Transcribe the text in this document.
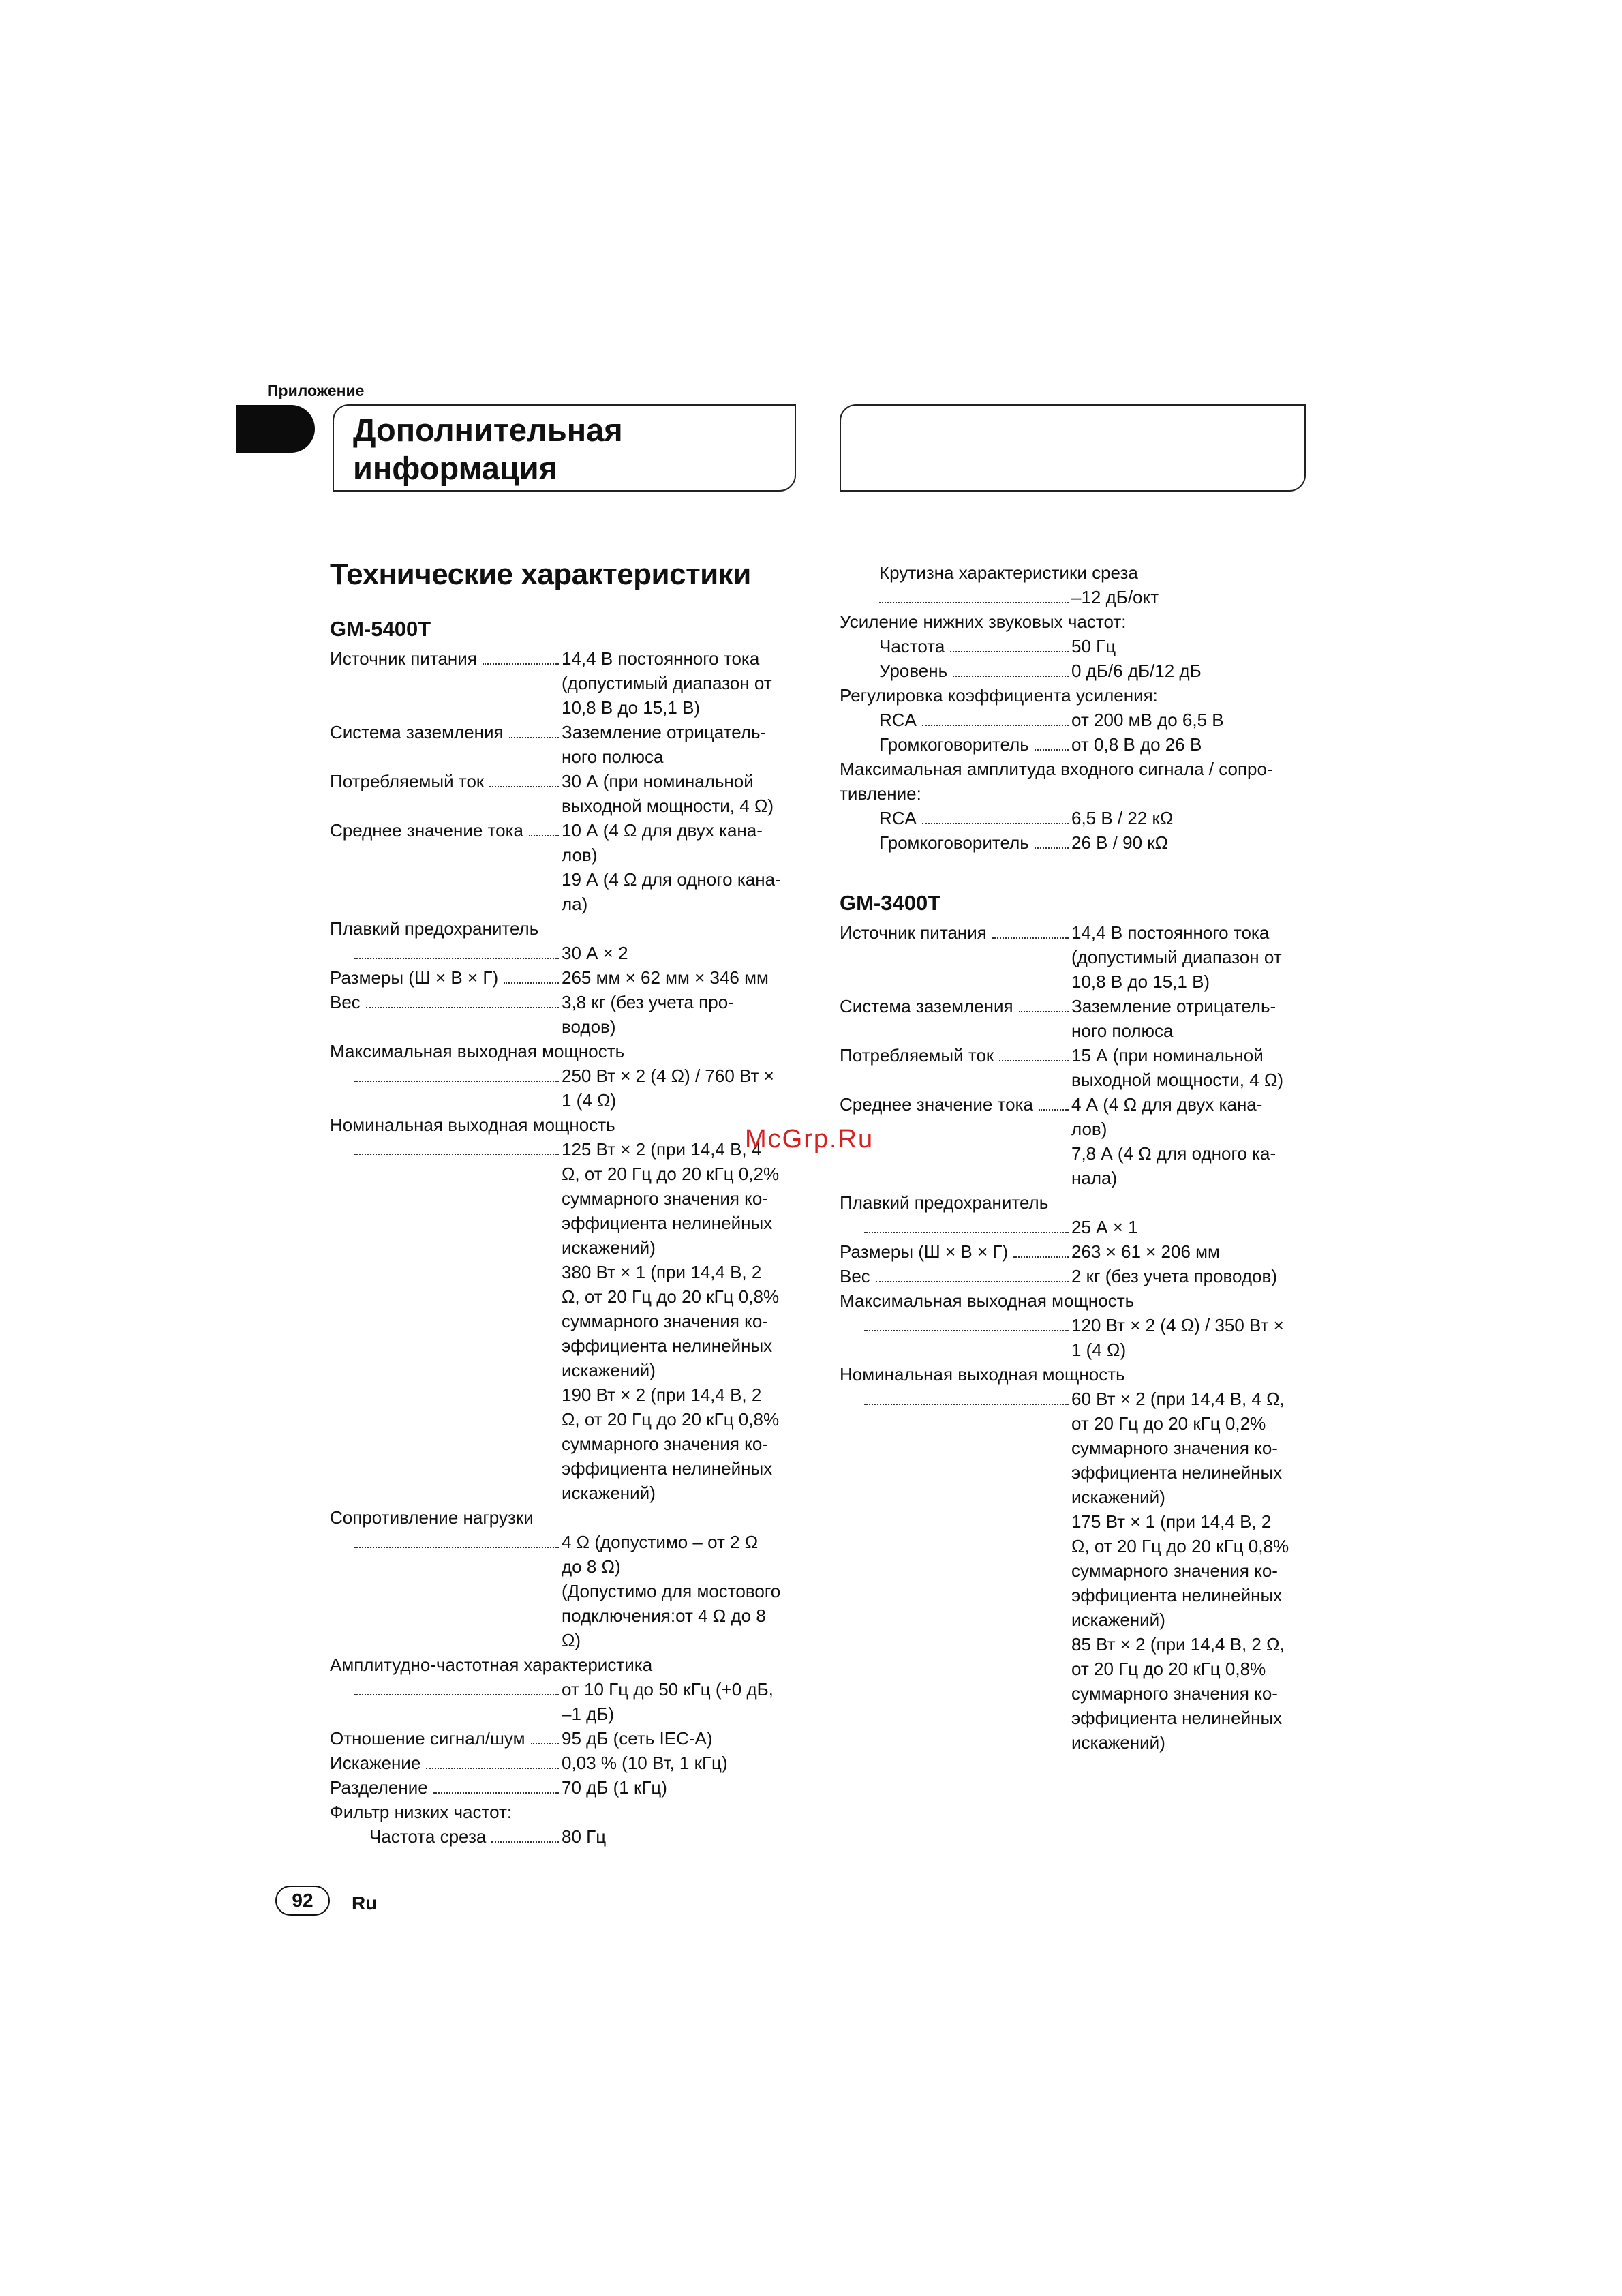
Приложение
Дополнительная
информация
Технические характеристики
GM-5400T
Источник питания	14,4 В постоянного тока
(допустимый диапазон от
10,8 В до 15,1 В)
Система заземления	Заземление отрицатель-
ного полюса
Потребляемый ток	30 А (при номинальной
выходной мощности, 4 Ω)
Среднее значение тока 10 А (4 Ω для двух кана-
лов)
19 А (4 Ω для одного кана-
ла)
Плавкий предохранитель
30 А × 2
Размеры (Ш × В × Г)	265 мм × 62 мм × 346 мм
Вес	3,8 кг (без учета про-
водов)
Максимальная выходная мощность
250 Вт × 2 (4 Ω) / 760 Вт ×
1 (4 Ω)
Номинальная выходная мощность
125 Вт × 2 (при 14,4 В, 4
Ω, от 20 Гц до 20 кГц 0,2%
суммарного значения ко-
эффициента нелинейных
искажений)
380 Вт × 1 (при 14,4 В, 2
Ω, от 20 Гц до 20 кГц 0,8%
суммарного значения ко-
эффициента нелинейных
искажений)
190 Вт × 2 (при 14,4 В, 2
Ω, от 20 Гц до 20 кГц 0,8%
суммарного значения ко-
эффициента нелинейных
искажений)
Сопротивление нагрузки
4 Ω (допустимо – от 2 Ω
до 8 Ω)
(Допустимо для мостового
подключения:от 4 Ω до 8
Ω)
Амплитудно-частотная характеристика
от 10 Гц до 50 кГц (+0 дБ,
–1 дБ)
Отношение сигнал/шум 95 дБ (сеть IEC-A)
Искажение	0,03 % (10 Вт, 1 кГц)
Разделение	70 дБ (1 кГц)
Фильтр низких частот:
Частота среза	80 Гц
Крутизна характеристики среза
–12 дБ/окт
Усиление нижних звуковых частот:
Частота	50 Гц
Уровень	0 дБ/6 дБ/12 дБ
Регулировка коэффициента усиления:
RCA	от 200 мВ до 6,5 В
Громкоговоритель от 0,8 В до 26 В
Максимальная амплитуда входного сигнала / сопро-
тивление:
RCA	6,5 В / 22 кΩ
Громкоговоритель 26 В / 90 кΩ
GM-3400T
Источник питания	14,4 В постоянного тока
(допустимый диапазон от
10,8 В до 15,1 В)
Система заземления	Заземление отрицатель-
ного полюса
Потребляемый ток	15 А (при номинальной
выходной мощности, 4 Ω)
Среднее значение тока 4 А (4 Ω для двух кана-
лов)
7,8 А (4 Ω для одного ка-
нала)
Плавкий предохранитель
25 А × 1
Размеры (Ш × В × Г)	263 × 61 × 206 мм
Вес	2 кг (без учета проводов)
Максимальная выходная мощность
120 Вт × 2 (4 Ω) / 350 Вт ×
1 (4 Ω)
Номинальная выходная мощность
60 Вт × 2 (при 14,4 В, 4 Ω,
от 20 Гц до 20 кГц 0,2%
суммарного значения ко-
эффициента нелинейных
искажений)
175 Вт × 1 (при 14,4 В, 2
Ω, от 20 Гц до 20 кГц 0,8%
суммарного значения ко-
эффициента нелинейных
искажений)
85 Вт × 2 (при 14,4 В, 2 Ω,
от 20 Гц до 20 кГц 0,8%
суммарного значения ко-
эффициента нелинейных
искажений)
McGrp.Ru
92	Ru
